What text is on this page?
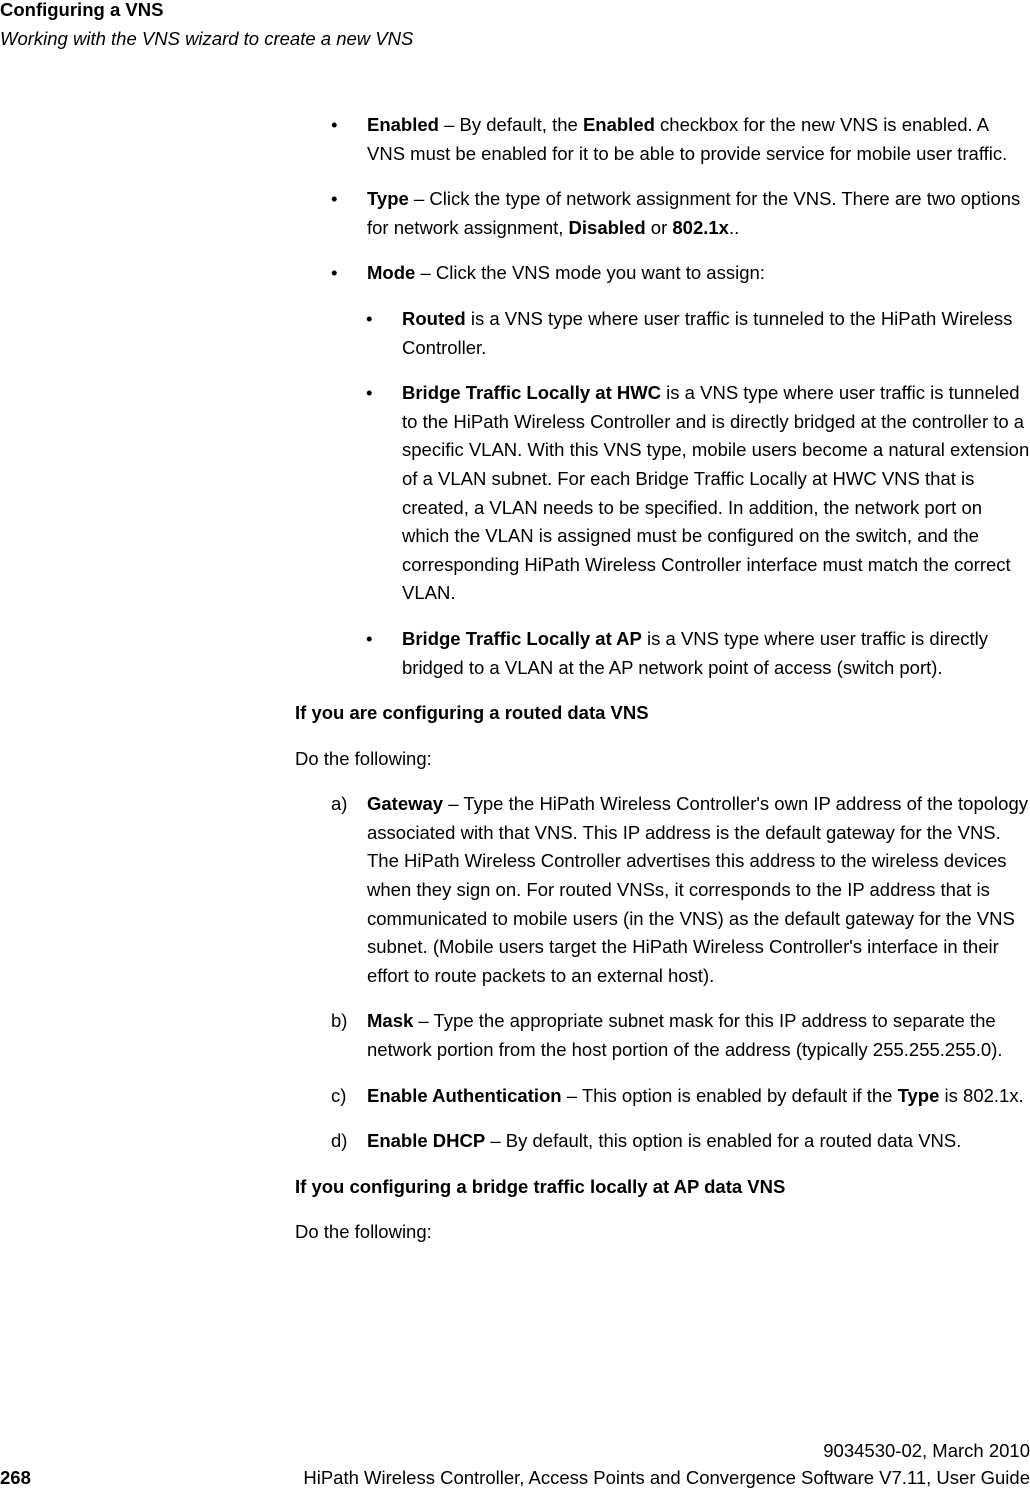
Configuring a VNS
Working with the VNS wizard to create a new VNS
• Enabled – By default, the Enabled checkbox for the new VNS is enabled. A VNS must be enabled for it to be able to provide service for mobile user traffic.
• Type – Click the type of network assignment for the VNS. There are two options for network assignment, Disabled or 802.1x..
• Mode – Click the VNS mode you want to assign:
• Routed is a VNS type where user traffic is tunneled to the HiPath Wireless Controller.
• Bridge Traffic Locally at HWC is a VNS type where user traffic is tunneled to the HiPath Wireless Controller and is directly bridged at the controller to a specific VLAN. With this VNS type, mobile users become a natural extension of a VLAN subnet. For each Bridge Traffic Locally at HWC VNS that is created, a VLAN needs to be specified. In addition, the network port on which the VLAN is assigned must be configured on the switch, and the corresponding HiPath Wireless Controller interface must match the correct VLAN.
• Bridge Traffic Locally at AP is a VNS type where user traffic is directly bridged to a VLAN at the AP network point of access (switch port).
If you are configuring a routed data VNS
Do the following:
a) Gateway – Type the HiPath Wireless Controller's own IP address of the topology associated with that VNS. This IP address is the default gateway for the VNS. The HiPath Wireless Controller advertises this address to the wireless devices when they sign on. For routed VNSs, it corresponds to the IP address that is communicated to mobile users (in the VNS) as the default gateway for the VNS subnet. (Mobile users target the HiPath Wireless Controller's interface in their effort to route packets to an external host).
b) Mask – Type the appropriate subnet mask for this IP address to separate the network portion from the host portion of the address (typically 255.255.255.0).
c) Enable Authentication – This option is enabled by default if the Type is 802.1x.
d) Enable DHCP – By default, this option is enabled for a routed data VNS.
If you configuring a bridge traffic locally at AP data VNS
Do the following:
9034530-02, March 2010
268	HiPath Wireless Controller, Access Points and Convergence Software V7.11, User Guide
